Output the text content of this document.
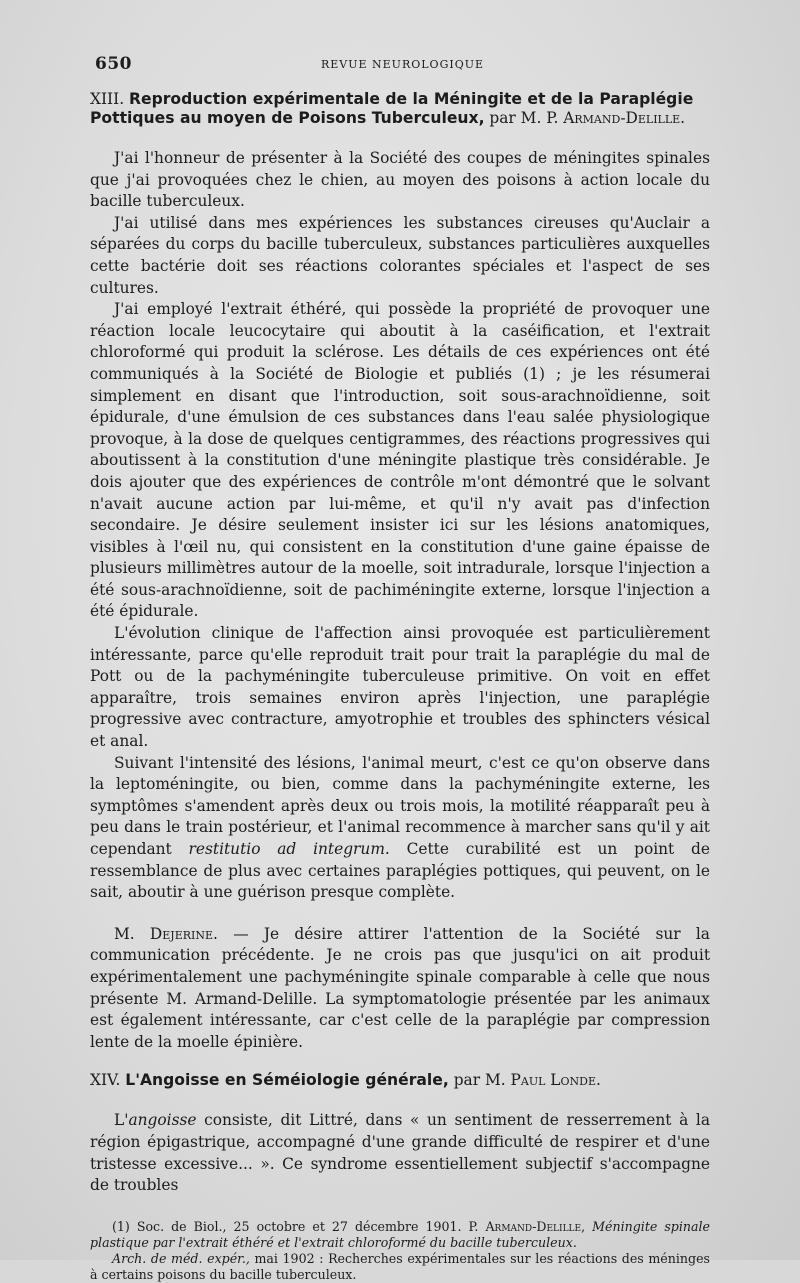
650	REVUE NEUROLOGIQUE
XIII. Reproduction expérimentale de la Méningite et de la Paraplégie Pottiques au moyen de Poisons Tuberculeux, par M. P. Armand-Delille.

J'ai l'honneur de présenter à la Société des coupes de méningites spinales que j'ai provoquées chez le chien, au moyen des poisons à action locale du bacille tuberculeux.

J'ai utilisé dans mes expériences les substances cireuses qu'Auclair a séparées du corps du bacille tuberculeux, substances particulières auxquelles cette bactérie doit ses réactions colorantes spéciales et l'aspect de ses cultures.

J'ai employé l'extrait éthéré, qui possède la propriété de provoquer une réaction locale leucocytaire qui aboutit à la caséification, et l'extrait chloroformé qui produit la sclérose. Les détails de ces expériences ont été communiqués à la Société de Biologie et publiés (1) ; je les résumerai simplement en disant que l'introduction, soit sous-arachnoïdienne, soit épidurale, d'une émulsion de ces substances dans l'eau salée physiologique provoque, à la dose de quelques centigrammes, des réactions progressives qui aboutissent à la constitution d'une méningite plastique très considérable. Je dois ajouter que des expériences de contrôle m'ont démontré que le solvant n'avait aucune action par lui-même, et qu'il n'y avait pas d'infection secondaire. Je désire seulement insister ici sur les lésions anatomiques, visibles à l'œil nu, qui consistent en la constitution d'une gaine épaisse de plusieurs millimètres autour de la moelle, soit intradurale, lorsque l'injection a été sous-arachnoïdienne, soit de pachiméningite externe, lorsque l'injection a été épidurale.

L'évolution clinique de l'affection ainsi provoquée est particulièrement intéressante, parce qu'elle reproduit trait pour trait la paraplégie du mal de Pott ou de la pachyméningite tuberculeuse primitive. On voit en effet apparaître, trois semaines environ après l'injection, une paraplégie progressive avec contracture, amyotrophie et troubles des sphincters vésical et anal.

Suivant l'intensité des lésions, l'animal meurt, c'est ce qu'on observe dans la leptoméningite, ou bien, comme dans la pachyméningite externe, les symptômes s'amendent après deux ou trois mois, la motilité réapparaît peu à peu dans le train postérieur, et l'animal recommence à marcher sans qu'il y ait cependant restitutio ad integrum. Cette curabilité est un point de ressemblance de plus avec certaines paraplégies pottiques, qui peuvent, on le sait, aboutir à une guérison presque complète.

M. Dejerine. — Je désire attirer l'attention de la Société sur la communication précédente. Je ne crois pas que jusqu'ici on ait produit expérimentalement une pachyméningite spinale comparable à celle que nous présente M. Armand-Delille. La symptomatologie présentée par les animaux est également intéressante, car c'est celle de la paraplégie par compression lente de la moelle épinière.

XIV. L'Angoisse en Séméiologie générale, par M. Paul Londe.

L'angoisse consiste, dit Littré, dans « un sentiment de resserrement à la région épigastrique, accompagné d'une grande difficulté de respirer et d'une tristesse excessive... ». Ce syndrome essentiellement subjectif s'accompagne de troubles

(1) Soc. de Biol., 25 octobre et 27 décembre 1901. P. Armand-Delille, Méningite spinale plastique par l'extrait éthéré et l'extrait chloroformé du bacille tuberculeux.

Arch. de méd. expér., mai 1902 : Recherches expérimentales sur les réactions des méninges à certains poisons du bacille tuberculeux.
